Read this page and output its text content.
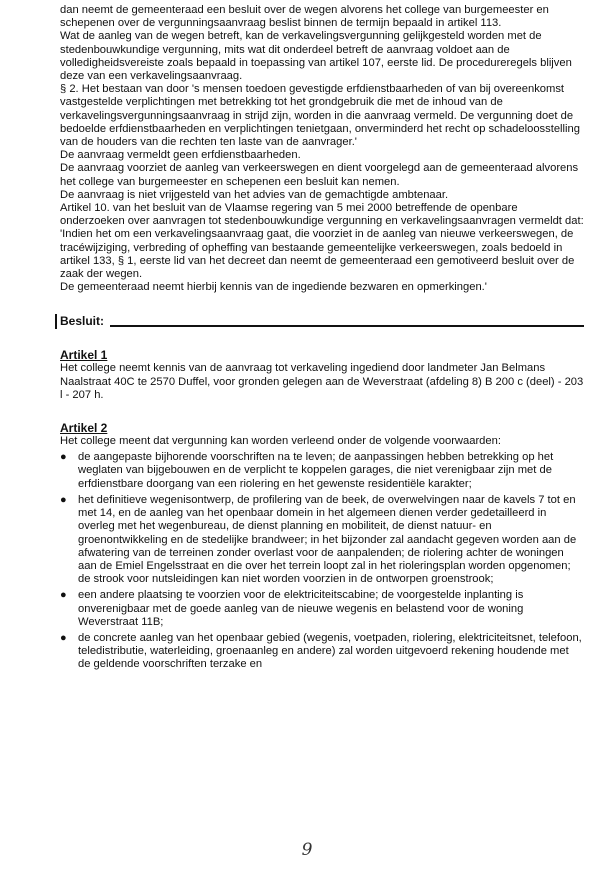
dan neemt de gemeenteraad een besluit over de wegen alvorens het college van burgemeester en schepenen over de vergunningsaanvraag beslist binnen de termijn bepaald in artikel 113.

Wat de aanleg van de wegen betreft, kan de verkavelingsvergunning gelijkgesteld worden met de stedenbouwkundige vergunning, mits wat dit onderdeel betreft de aanvraag voldoet aan de volledigheidsvereiste zoals bepaald in toepassing van artikel 107, eerste lid. De procedureregels blijven deze van een verkavelingsaanvraag.

§ 2. Het bestaan van door 's mensen toedoen gevestigde erfdienstbaarheden of van bij overeenkomst vastgestelde verplichtingen met betrekking tot het grondgebruik die met de inhoud van de verkavelingsvergunningsaanvraag in strijd zijn, worden in die aanvraag vermeld. De vergunning doet de bedoelde erfdienstbaarheden en verplichtingen tenietgaan, onverminderd het recht op schadeloosstelling van de houders van die rechten ten laste van de aanvrager.'

De aanvraag vermeldt geen erfdienstbaarheden.

De aanvraag voorziet de aanleg van verkeerswegen en dient voorgelegd aan de gemeenteraad alvorens het college van burgemeester en schepenen een besluit kan nemen.

De aanvraag is niet vrijgesteld van het advies van de gemachtigde ambtenaar.

Artikel 10. van het besluit van de Vlaamse regering van 5 mei 2000 betreffende de openbare onderzoeken over aanvragen tot stedenbouwkundige vergunning en verkavelingsaanvragen vermeldt dat:

'Indien het om een verkavelingsaanvraag gaat, die voorziet in de aanleg van nieuwe verkeerswegen, de tracéwijziging, verbreding of opheffing van bestaande gemeentelijke verkeerswegen, zoals bedoeld in artikel 133, § 1, eerste lid van het decreet dan neemt de gemeenteraad een gemotiveerd besluit over de zaak der wegen.

De gemeenteraad neemt hierbij kennis van de ingediende bezwaren en opmerkingen.'

Besluit:
Artikel 1

Het college neemt kennis van de aanvraag tot verkaveling ingediend door landmeter Jan Belmans Naalstraat 40C te 2570 Duffel, voor gronden gelegen aan de Weverstraat (afdeling 8) B 200 c (deel) - 203 l - 207 h.

Artikel 2

Het college meent dat vergunning kan worden verleend onder de volgende voorwaarden:

● de aangepaste bijhorende voorschriften na te leven; de aanpassingen hebben betrekking op het weglaten van bijgebouwen en de verplicht te koppelen garages, die niet verenigbaar zijn met de erfdienstbare doorgang van een riolering en het gewenste residentiële karakter;
● het definitieve wegenisontwerp, de profilering van de beek, de overwelvingen naar de kavels 7 tot en met 14, en de aanleg van het openbaar domein in het algemeen dienen verder gedetailleerd in overleg met het wegenbureau, de dienst planning en mobiliteit, de dienst natuur- en groenontwikkeling en de stedelijke brandweer; in het bijzonder zal aandacht gegeven worden aan de afwatering van de terreinen zonder overlast voor de aanpalenden; de riolering achter de woningen aan de Emiel Engelsstraat en die over het terrein loopt zal in het rioleringsplan worden opgenomen; de strook voor nutsleidingen kan niet worden voorzien in de ontworpen groenstrook;
● een andere plaatsing te voorzien voor de elektriciteitscabine; de voorgestelde inplanting is onverenigbaar met de goede aanleg van de nieuwe wegenis en belastend voor de woning Weverstraat 11B;
● de concrete aanleg van het openbaar gebied (wegenis, voetpaden, riolering, elektriciteitsnet, telefoon, teledistributie, waterleiding, groenaanleg en andere) zal worden uitgevoerd rekening houdende met de geldende voorschriften terzake en
9
